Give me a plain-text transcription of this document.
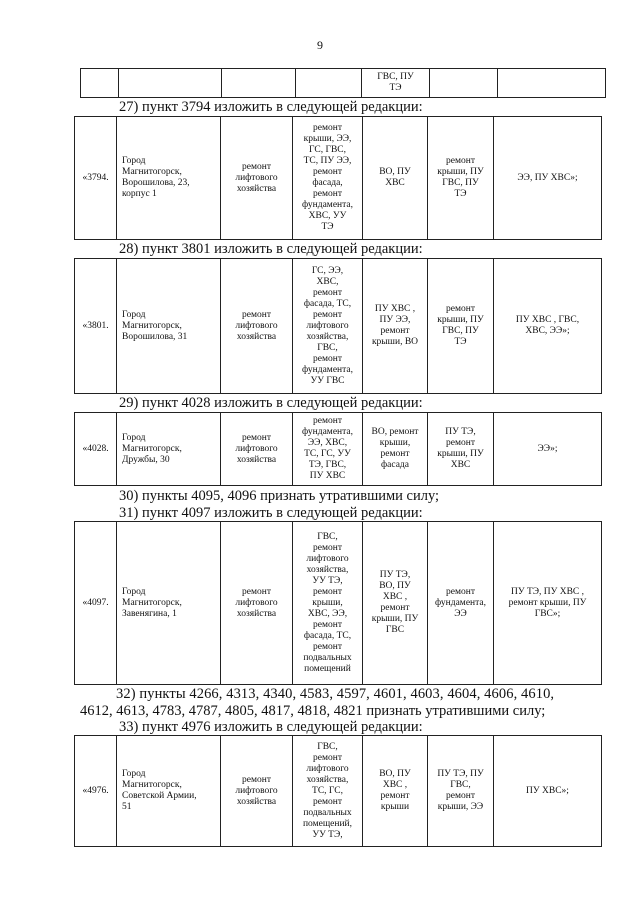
9
				ГВС, ПУ
ТЭ		
27) пункт 3794 изложить в следующей редакции:
«3794.	Город
Магнитогорск,
Ворошилова, 23,
корпус 1	ремонт
лифтового
хозяйства	ремонт
крыши, ЭЭ,
ГС, ГВС,
ТС, ПУ ЭЭ,
ремонт
фасада,
ремонт
фундамента,
ХВС, УУ
ТЭ	ВО, ПУ
ХВС	ремонт
крыши, ПУ
ГВС, ПУ
ТЭ	ЭЭ, ПУ ХВС»;
28) пункт 3801 изложить в следующей редакции:
«3801.	Город
Магнитогорск,
Ворошилова, 31	ремонт
лифтового
хозяйства	ГС, ЭЭ,
ХВС,
ремонт
фасада, ТС,
ремонт
лифтового
хозяйства,
ГВС,
ремонт
фундамента,
УУ ГВС	ПУ ХВС ,
ПУ ЭЭ,
ремонт
крыши, ВО	ремонт
крыши, ПУ
ГВС, ПУ
ТЭ	ПУ ХВС , ГВС,
ХВС, ЭЭ»;
29) пункт 4028 изложить в следующей редакции:
«4028.	Город
Магнитогорск,
Дружбы, 30	ремонт
лифтового
хозяйства	ремонт
фундамента,
ЭЭ, ХВС,
ТС, ГС, УУ
ТЭ, ГВС,
ПУ ХВС	ВО, ремонт
крыши,
ремонт
фасада	ПУ ТЭ,
ремонт
крыши, ПУ
ХВС	ЭЭ»;
30) пункты 4095, 4096 признать утратившими силу;
31) пункт 4097 изложить в следующей редакции:
«4097.	Город
Магнитогорск,
Завенягина, 1	ремонт
лифтового
хозяйства	ГВС,
ремонт
лифтового
хозяйства,
УУ ТЭ,
ремонт
крыши,
ХВС, ЭЭ,
ремонт
фасада, ТС,
ремонт
подвальных
помещений	ПУ ТЭ,
ВО, ПУ
ХВС ,
ремонт
крыши, ПУ
ГВС	ремонт
фундамента,
ЭЭ	ПУ ТЭ, ПУ ХВС ,
ремонт крыши, ПУ
ГВС»;
32) пункты 4266, 4313, 4340, 4583, 4597, 4601, 4603, 4604, 4606, 4610,
4612, 4613, 4783, 4787, 4805, 4817, 4818, 4821 признать утратившими силу;
33) пункт 4976 изложить в следующей редакции:
«4976.	Город
Магнитогорск,
Советской Армии,
51	ремонт
лифтового
хозяйства	ГВС,
ремонт
лифтового
хозяйства,
ТС, ГС,
ремонт
подвальных
помещений,
УУ ТЭ,	ВО, ПУ
ХВС ,
ремонт
крыши	ПУ ТЭ, ПУ
ГВС,
ремонт
крыши, ЭЭ	ПУ ХВС»;
